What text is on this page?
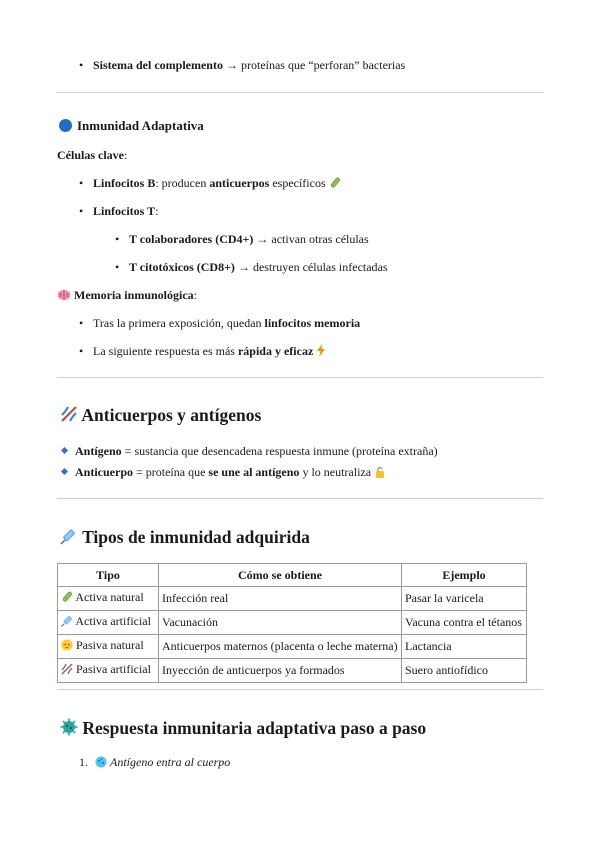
• Sistema del complemento → proteínas que “perforan” bacterias
Inmunidad Adaptativa
Células clave:
• Linfocitos B: producen anticuerpos específicos
• Linfocitos T:
• T colaboradores (CD4+) → activan otras células
• T citotóxicos (CD8+) → destruyen células infectadas
Memoria inmunológica:
• Tras la primera exposición, quedan linfocitos memoria
• La siguiente respuesta es más rápida y eficaz
Anticuerpos y antígenos
Antígeno = sustancia que desencadena respuesta inmune (proteína extraña)
Anticuerpo = proteína que se une al antígeno y lo neutraliza
Tipos de inmunidad adquirida
Tipo	Cómo se obtiene	Ejemplo
Activa natural	Infección real	Pasar la varicela
Activa artificial	Vacunación	Vacuna contra el tétanos
Pasiva natural	Anticuerpos maternos (placenta o leche materna)	Lactancia
Pasiva artificial	Inyección de anticuerpos ya formados	Suero antiofídico
Respuesta inmunitaria adaptativa paso a paso
1. Antígeno entra al cuerpo
